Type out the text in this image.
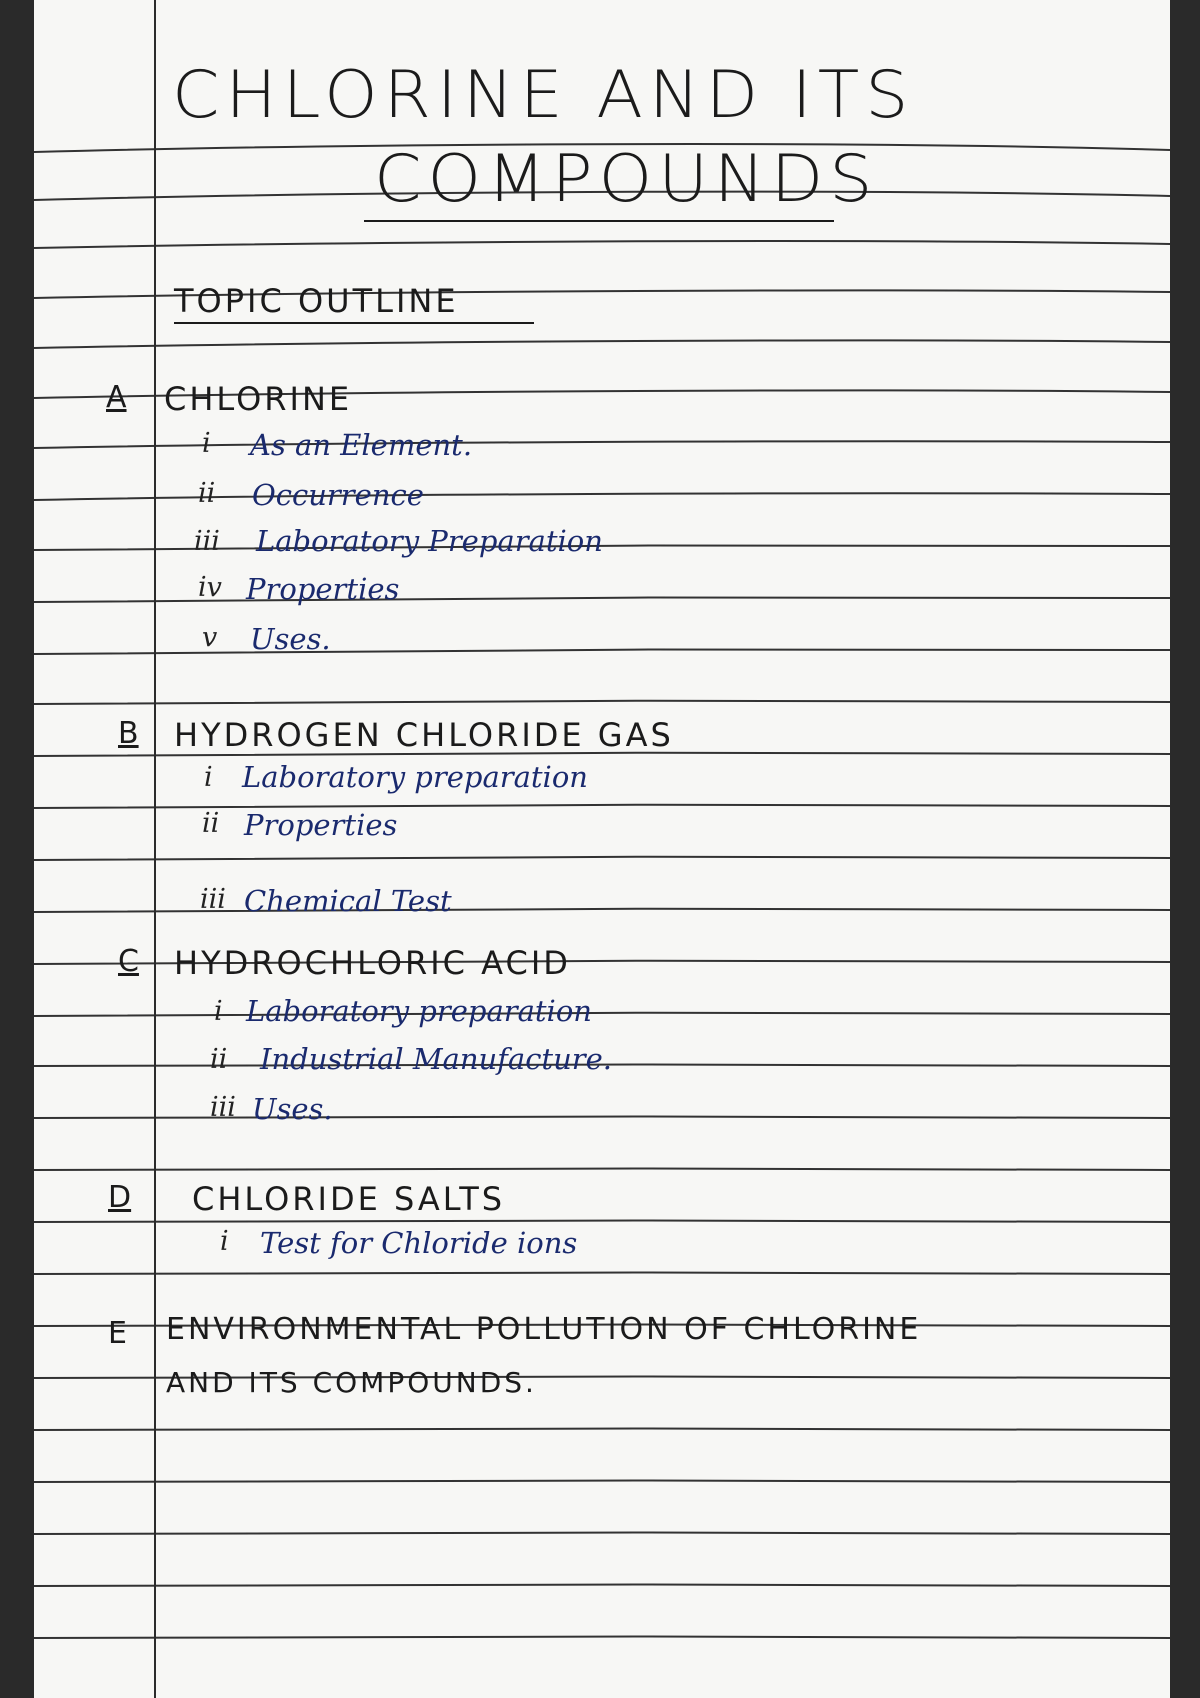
CHLORINE AND ITS
COMPOUNDS
TOPIC OUTLINE
A CHLORINE
i As an Element.
ii Occurrence
iii Laboratory Preparation
iv Properties
v Uses.
B HYDROGEN CHLORIDE GAS
i Laboratory preparation
ii Properties
iii Chemical Test
C HYDROCHLORIC ACID
i Laboratory preparation
ii Industrial Manufacture.
iii Uses.
D CHLORIDE SALTS
i Test for Chloride ions
E ENVIRONMENTAL POLLUTION OF CHLORINE
AND ITS COMPOUNDS.
